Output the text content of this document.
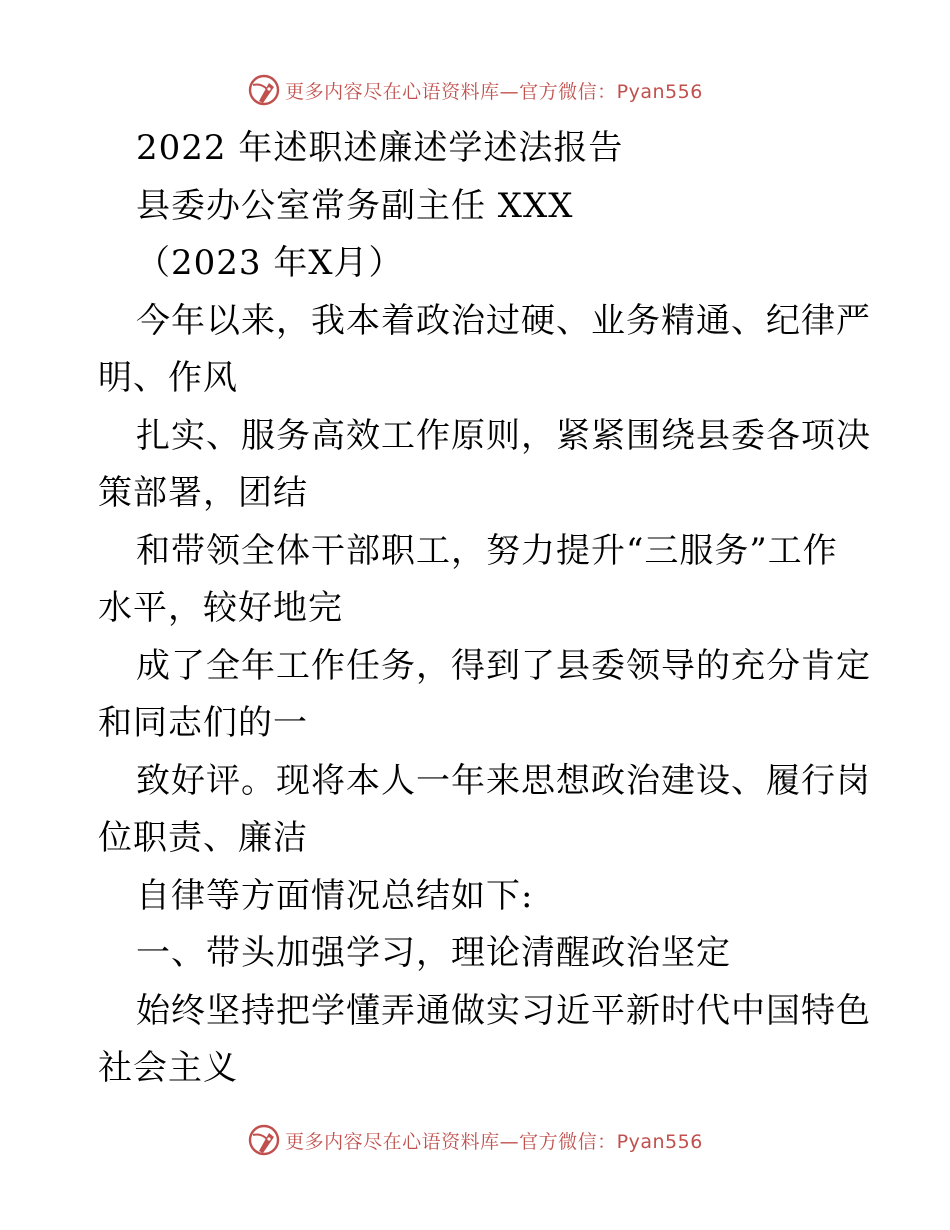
更多内容尽在心语资料库—官方微信：Pyan556
2022 年述职述廉述学述法报告
县委办公室常务副主任 XXX
（2023 年X月）
今年以来，我本着政治过硬、业务精通、纪律严
明、作风
扎实、服务高效工作原则，紧紧围绕县委各项决
策部署，团结
和带领全体干部职工，努力提升“三服务”工作
水平，较好地完
成了全年工作任务，得到了县委领导的充分肯定
和同志们的一
致好评。现将本人一年来思想政治建设、履行岗
位职责、廉洁
自律等方面情况总结如下:
一、带头加强学习，理论清醒政治坚定
始终坚持把学懂弄通做实习近平新时代中国特色
社会主义
更多内容尽在心语资料库—官方微信：Pyan556
